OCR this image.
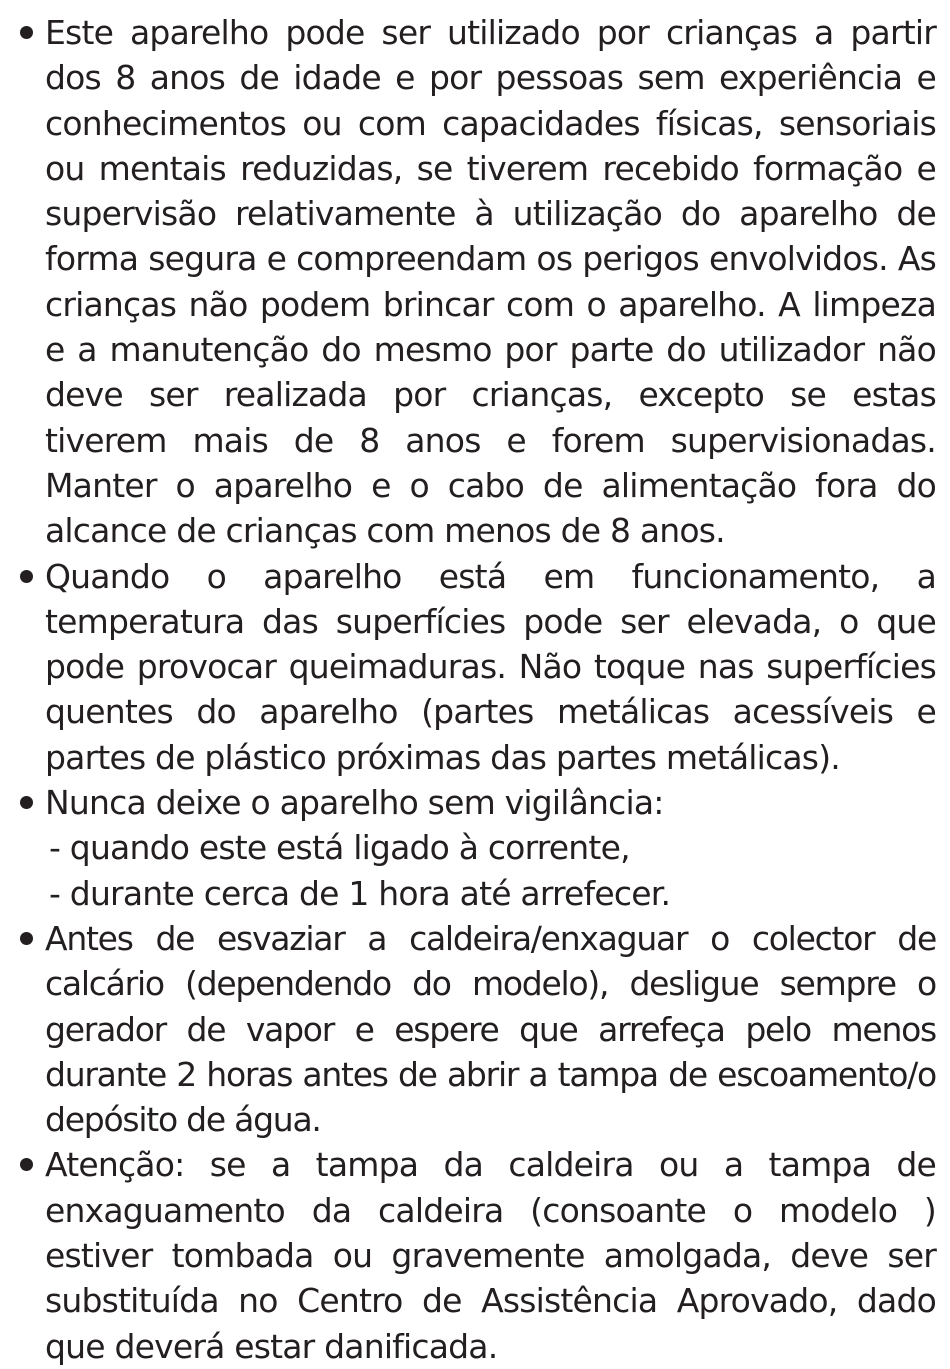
Este aparelho pode ser utilizado por crianças a partir dos 8 anos de idade e por pessoas sem experiência e conhecimentos ou com capacidades físicas, sensoriais ou mentais reduzidas, se tiverem recebido formação e supervisão relativamente à utilização do aparelho de forma segura e compreendam os perigos envolvidos. As crianças não podem brincar com o aparelho. A limpeza e a manutenção do mesmo por parte do utilizador não deve ser realizada por crianças, excepto se estas tiverem mais de 8 anos e forem supervisionadas. Manter o aparelho e o cabo de alimentação fora do alcance de crianças com menos de 8 anos.

Quando o aparelho está em funcionamento, a temperatura das superfícies pode ser elevada, o que pode provocar queimaduras. Não toque nas superfícies quentes do aparelho (partes metálicas acessíveis e partes de plástico próximas das partes metálicas).

Nunca deixe o aparelho sem vigilância:

- quando este está ligado à corrente,

- durante cerca de 1 hora até arrefecer.

Antes de esvaziar a caldeira/enxaguar o colector de calcário (dependendo do modelo), desligue sempre o gerador de vapor e espere que arrefeça pelo menos durante 2 horas antes de abrir a tampa de escoamento/o depósito de água.

Atenção: se a tampa da caldeira ou a tampa de enxaguamento da caldeira (consoante o modelo ) estiver tombada ou gravemente amolgada, deve ser substituída no Centro de Assistência Aprovado, dado que deverá estar danificada.
